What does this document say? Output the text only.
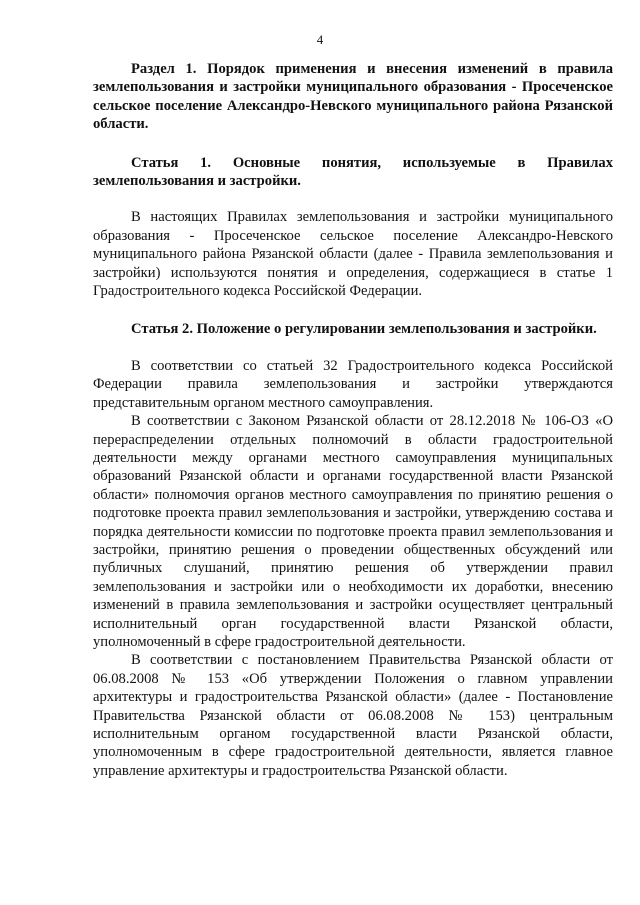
4

Раздел 1. Порядок применения и внесения изменений в правила землепользования и застройки муниципального образования - Просеченское сельское поселение Александро-Невского муниципального района Рязанской области.

Статья 1. Основные понятия, используемые в Правилах землепользования и застройки.

В настоящих Правилах землепользования и застройки муниципального образования - Просеченское сельское поселение Александро-Невского муниципального района Рязанской области (далее - Правила землепользования и застройки) используются понятия и определения, содержащиеся в статье 1 Градостроительного кодекса Российской Федерации.

Статья 2. Положение о регулировании землепользования и застройки.

В соответствии со статьей 32 Градостроительного кодекса Российской Федерации правила землепользования и застройки утверждаются представительным органом местного самоуправления.

В соответствии с Законом Рязанской области от 28.12.2018 № 106-ОЗ «О перераспределении отдельных полномочий в области градостроительной деятельности между органами местного самоуправления муниципальных образований Рязанской области и органами государственной власти Рязанской области» полномочия органов местного самоуправления по принятию решения о подготовке проекта правил землепользования и застройки, утверждению состава и порядка деятельности комиссии по подготовке проекта правил землепользования и застройки, принятию решения о проведении общественных обсуждений или публичных слушаний, принятию решения об утверждении правил землепользования и застройки или о необходимости их доработки, внесению изменений в правила землепользования и застройки осуществляет центральный исполнительный орган государственной власти Рязанской области, уполномоченный в сфере градостроительной деятельности.

В соответствии с постановлением Правительства Рязанской области от 06.08.2008 № 153 «Об утверждении Положения о главном управлении архитектуры и градостроительства Рязанской области» (далее - Постановление Правительства Рязанской области от 06.08.2008 № 153) центральным исполнительным органом государственной власти Рязанской области, уполномоченным в сфере градостроительной деятельности, является главное управление архитектуры и градостроительства Рязанской области.
